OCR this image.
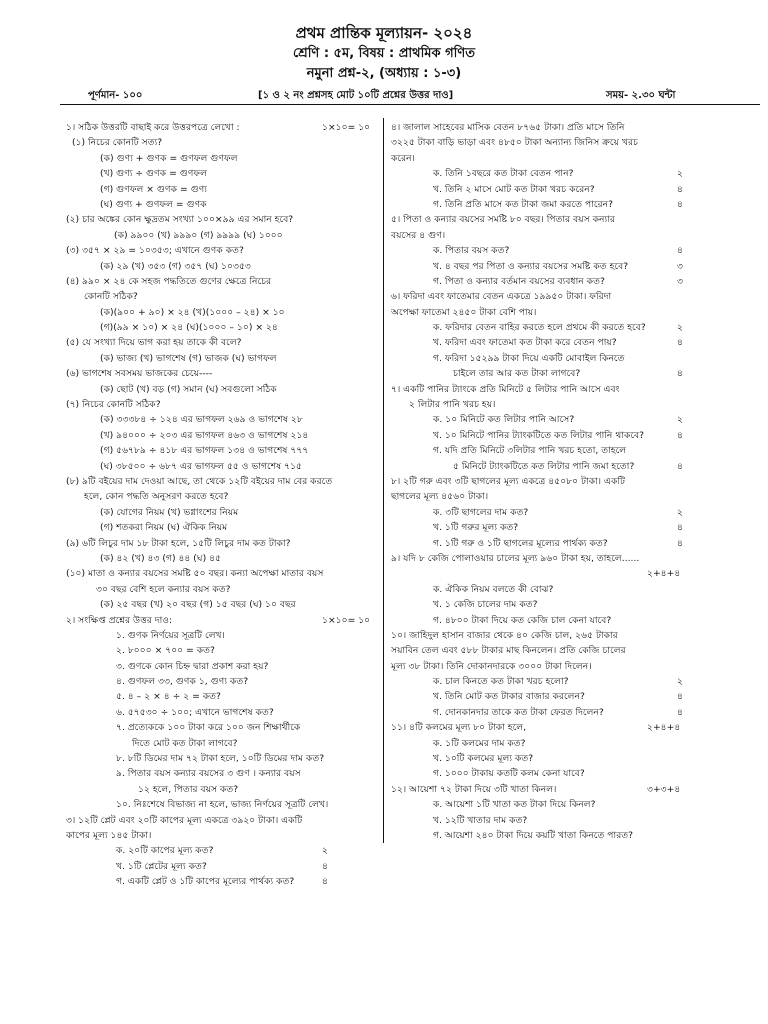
প্রথম প্রান্তিক মূল্যায়ন- ২০২৪
শ্রেণি : ৫ম, বিষয় : প্রাথমিক গণিত
নমুনা প্রশ্ন-২, (অধ্যায় : ১-৩)
পূর্ণমান- ১০০	[১ ও ২ নং প্রশ্নসহ মোট ১০টি প্রশ্নের উত্তর দাও]	সময়- ২.৩০ ঘন্টা
১। সঠিক উত্তরটি বাছাই করে উত্তরপত্রে লেখো :	১×১০= ১০
(১) নিচের কোনটি সত্য?
(ক) গুণ্য + গুণক = গুণফল গুণফল
(খ) গুণ্য ÷ গুণক = গুণফল
(গ) গুণফল × গুণক = গুণ্য
(ঘ) গুণ্য + গুণফল = গুণক
(২) চার অঙ্কের কোন ক্ষুদ্রতম সংখ্যা ১০০×৯৯ এর সমান হবে?
(ক) ৯৯০০ (খ) ৯৯৯০ (গ) ৯৯৯৯ (ঘ) ১০০০
(৩) ৩৫৭ × ২৯ = ১০৩৫৩; এখানে গুণক কত?
(ক) ২৯ (খ) ৩৫৩ (গ) ৩৫৭ (ঘ) ১০৩৫৩
(৪) ৯৯০ × ২৪ কে সহজ পদ্ধতিতে গুণের ক্ষেত্রে নিচের
কোনটি সঠিক?
(ক)(৯০০ + ৯০) × ২৪ (খ)(১০০০ – ২৪) × ১০
(গ)(৯৯ × ১০) × ২৪ (ঘ)(১০০০ – ১০) × ২৪
(৫) যে সংখ্যা দিয়ে ভাগ করা হয় তাকে কী বলে?
(ক) ভাজ্য (খ) ভাগশেষ (গ) ভাজক (ঘ) ভাগফল
(৬) ভাগশেষ সবসময় ভাজকের চেয়ে----
(ক) ছোট (খ) বড় (গ) সমান (ঘ) সবগুলো সঠিক
(৭) নিচের কোনটি সঠিক?
(ক) ৩৩৩৮৪ ÷ ১২৪ এর ভাগফল ২৬৯ ও ভাগশেষ ২৮
(খ) ৯৪০০০ ÷ ২০৩ এর ভাগফল ৪৬৩ ও ভাগশেষ ২১৪
(গ) ৫৬৭৮৯ ÷ ৪১৮ এর ভাগফল ১৩৪ ও ভাগশেষ ৭৭৭
(ঘ) ৩৮৫০০ ÷ ৬৮৭ এর ভাগফল ৫৫ ও ভাগশেষ ৭১৫
(৮) ৯টি বইয়ের দাম দেওয়া আছে, তা থেকে ১২টি বইয়ের দাম বের করতে
হলে, কোন পদ্ধতি অনুসরণ করতে হবে?
(ক) যোগের নিয়ম (খ) ভগ্নাংশের নিয়ম
(গ) শতকরা নিয়ম (ঘ) ঐকিক নিয়ম
(৯) ৬টি লিচুর দাম ১৮ টাকা হলে, ১৫টি লিচুর দাম কত টাকা?
(ক) ৪২ (খ) ৪৩ (গ) ৪৪ (ঘ) ৪৫
(১০) মাতা ও কন্যার বয়সের সমষ্টি ৫০ বছর। কন্যা অপেক্ষা মাতার বয়স
৩০ বছর বেশি হলে কন্যার বয়স কত?
(ক) ২৫ বছর (খ) ২০ বছর (গ) ১৫ বছর (ঘ) ১০ বছর
২। সংক্ষিপ্ত প্রশ্নের উত্তর দাও:	১×১০= ১০
১. গুণক নির্ণয়ের সূত্রটি লেখ।
২. ৮০০০ × ৭০০ = কত?
৩. গুণকে কোন চিহ্ন দ্বারা প্রকাশ করা হয়?
৪. গুণফল ৩৩, গুণক ১, গুণ্য কত?
৫. ৪ – ২ × ৪ ÷ ২ = কত?
৬. ৫৭৫৩০ ÷ ১০০; এখানে ভাগশেষ কত?
৭. প্রত্যেককে ১০০ টাকা করে ১০০ জন শিক্ষার্থীকে
দিতে মোট কত টাকা লাগবে?
৮. ৮টি ডিমের দাম ৭২ টাকা হলে, ১০টি ডিমের দাম কত?
৯. পিতার বয়স কন্যার বয়সের ৩ গুণ । কন্যার বয়স
১২ হলে, পিতার বয়স কত?
১০. নিঃশেষে বিভাজ্য না হলে, ভাজ্য নির্ণয়ের সূত্রটি লেখ।
৩। ১২টি প্লেট এবং ২০টি কাপের মূল্য একত্রে ৩৯২০ টাকা। একটি
কাপের মূল্য ১৪৫ টাকা।
ক. ২০টি কাপের মূল্য কত?	২
খ. ১টি প্লেটের মূল্য কত?	৪
গ. একটি প্লেট ও ১টি কাপের মূল্যের পার্থক্য কত?	৪
৪। জালাল সাহেবের মাসিক বেতন ৮৭৬৫ টাকা। প্রতি মাসে তিনি
৩২২৫ টাকা বাড়ি ভাড়া এবং ৪৮৫০ টাকা অন্যান্য জিনিস ক্রয়ে খরচ
করেন।
ক. তিনি ১বছরে কত টাকা বেতন পান?	২
খ. তিনি ২ মাসে মোট কত টাকা খরচ করেন?	৪
গ. তিনি প্রতি মাসে কত টাকা জমা করতে পারেন?	৪
৫। পিতা ও কন্যার বয়সের সমষ্টি ৮০ বছর। পিতার বয়স কন্যার
বয়সের ৪ গুণ।
ক. পিতার বয়স কত?	৪
খ. ৪ বছর পর পিতা ও কন্যার বয়সের সমষ্টি কত হবে?	৩
গ. পিতা ও কন্যার বর্তমান বয়সের ব্যবধান কত?	৩
৬। ফরিদা এবং ফাতেমার বেতন একত্রে ১৯৯৫০ টাকা। ফরিদা
অপেক্ষা ফাতেমা ২৪৫০ টাকা বেশি পায়।
ক. ফরিদার বেতন বাহির করতে হলে প্রথমে কী করতে হবে?	২
খ. ফরিদা এবং ফাতেমা কত টাকা করে বেতন পায়?	৪
গ. ফরিদা ১৫২৯৯ টাকা দিয়ে একটি মোবাইল কিনতে
চাইলে তার আর কত টাকা লাগবে?	৪
৭। একটি পানির ট্যাংকে প্রতি মিনিটে ৫ লিটার পানি আসে এবং
২ লিটার পানি খরচ হয়।
ক. ১০ মিনিটে কত লিটার পানি আসে?	২
খ. ১০ মিনিটে পানির ট্যাংকটিতে কত লিটার পানি থাকবে?	৪
গ. যদি প্রতি মিনিটে ৩লিটার পানি খরচ হতো, তাহলে
৫ মিনিটে ট্যাংকটিতে কত লিটার পানি জমা হতো?	৪
৮। ২টি গরু এবং ৩টি ছাগলের মূল্য একত্রে ৪৫০৮০ টাকা। একটি
ছাগলের মূল্য ৪৫৬০ টাকা।
ক. ৩টি ছাগলের দাম কত?	২
খ. ১টি গরুর মূল্য কত?	৪
গ. ১টি গরু ও ১টি ছাগলের মূল্যের পার্থক্য কত?	৪
৯। যদি ৮ কেজি পোলাওয়ার চালের মূল্য ৯৬০ টাকা হয়, তাহলে......
২+৪+৪
ক. ঐকিক নিয়ম বলতে কী বোঝ?
খ. ১ কেজি চালের দাম কত?
গ. ৪৮০০ টাকা দিয়ে কত কেজি চাল কেনা যাবে?
১০। জাহিদুল হাসান বাজার থেকে ৪০ কেজি চাল, ২৬৫ টাকার
সয়াবিন তেল এবং ৫৮৮ টাকার মাছ কিনলেন। প্রতি কেজি চালের
মূল্য ৩৮ টাকা। তিনি দোকানদারকে ৩০০০ টাকা দিলেন।
ক. চাল কিনতে কত টাকা খরচ হলো?	২
খ. তিনি মোট কত টাকার বাজার করলেন?	৪
গ. দোনকানদার তাকে কত টাকা ফেরত দিলেন?	৪
১১। ৪টি কলমের মূল্য ৮০ টাকা হলে,	২+৪+৪
ক. ১টি কলমের দাম কত?
খ. ১০টি কলমের মূল্য কত?
গ. ১০০০ টাকায় কতটি কলম কেনা যাবে?
১২। আয়েশা ৭২ টাকা দিয়ে ৩টি খাতা কিনল।	৩+৩+৪
ক. আয়েশা ১টি খাতা কত টাকা দিয়ে কিনল?
খ. ১২টি খাতার দাম কত?
গ. আয়েশা ২৪০ টাকা দিয়ে কয়টি খাতা কিনতে পারত?
